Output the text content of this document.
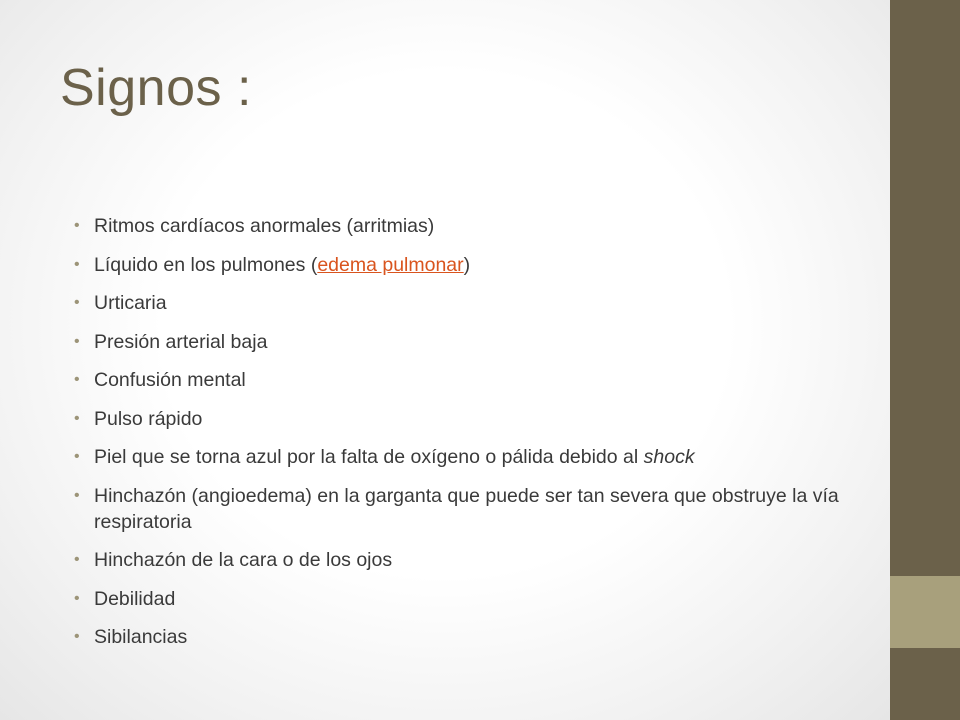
Signos :
• Ritmos cardíacos anormales (arritmias)
• Líquido en los pulmones (edema pulmonar)
• Urticaria
• Presión arterial baja
• Confusión mental
• Pulso rápido
• Piel que se torna azul por la falta de oxígeno o pálida debido al shock
• Hinchazón (angioedema) en la garganta que puede ser tan severa que obstruye la vía respiratoria
• Hinchazón de la cara o de los ojos
• Debilidad
• Sibilancias
